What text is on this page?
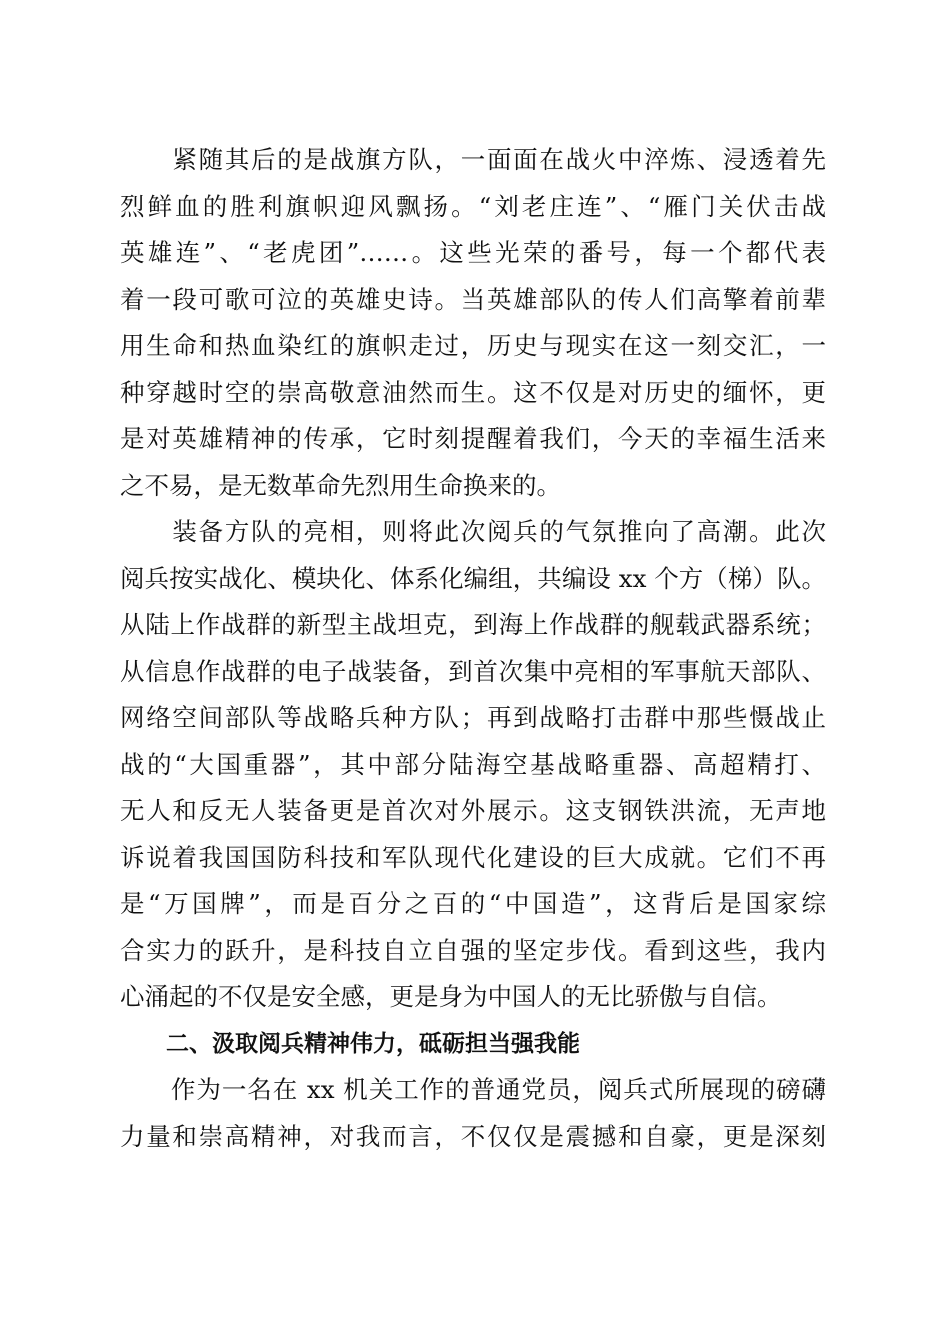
　　紧随其后的是战旗方队，一面面在战火中淬炼、浸透着先
烈鲜血的胜利旗帜迎风飘扬。“刘老庄连”、“雁门关伏击战
英雄连”、“老虎团”……。这些光荣的番号，每一个都代表
着一段可歌可泣的英雄史诗。当英雄部队的传人们高擎着前辈
用生命和热血染红的旗帜走过，历史与现实在这一刻交汇，一
种穿越时空的崇高敬意油然而生。这不仅是对历史的缅怀，更
是对英雄精神的传承，它时刻提醒着我们，今天的幸福生活来
之不易，是无数革命先烈用生命换来的。
　　装备方队的亮相，则将此次阅兵的气氛推向了高潮。此次
阅兵按实战化、模块化、体系化编组，共编设 xx 个方（梯）队。
从陆上作战群的新型主战坦克，到海上作战群的舰载武器系统；
从信息作战群的电子战装备，到首次集中亮相的军事航天部队、
网络空间部队等战略兵种方队；再到战略打击群中那些慑战止
战的“大国重器”，其中部分陆海空基战略重器、高超精打、
无人和反无人装备更是首次对外展示。这支钢铁洪流，无声地
诉说着我国国防科技和军队现代化建设的巨大成就。它们不再
是“万国牌”，而是百分之百的“中国造”，这背后是国家综
合实力的跃升，是科技自立自强的坚定步伐。看到这些，我内
心涌起的不仅是安全感，更是身为中国人的无比骄傲与自信。
　　二、汲取阅兵精神伟力，砥砺担当强我能
　　作为一名在 xx 机关工作的普通党员，阅兵式所展现的磅礴
力量和崇高精神，对我而言，不仅仅是震撼和自豪，更是深刻
